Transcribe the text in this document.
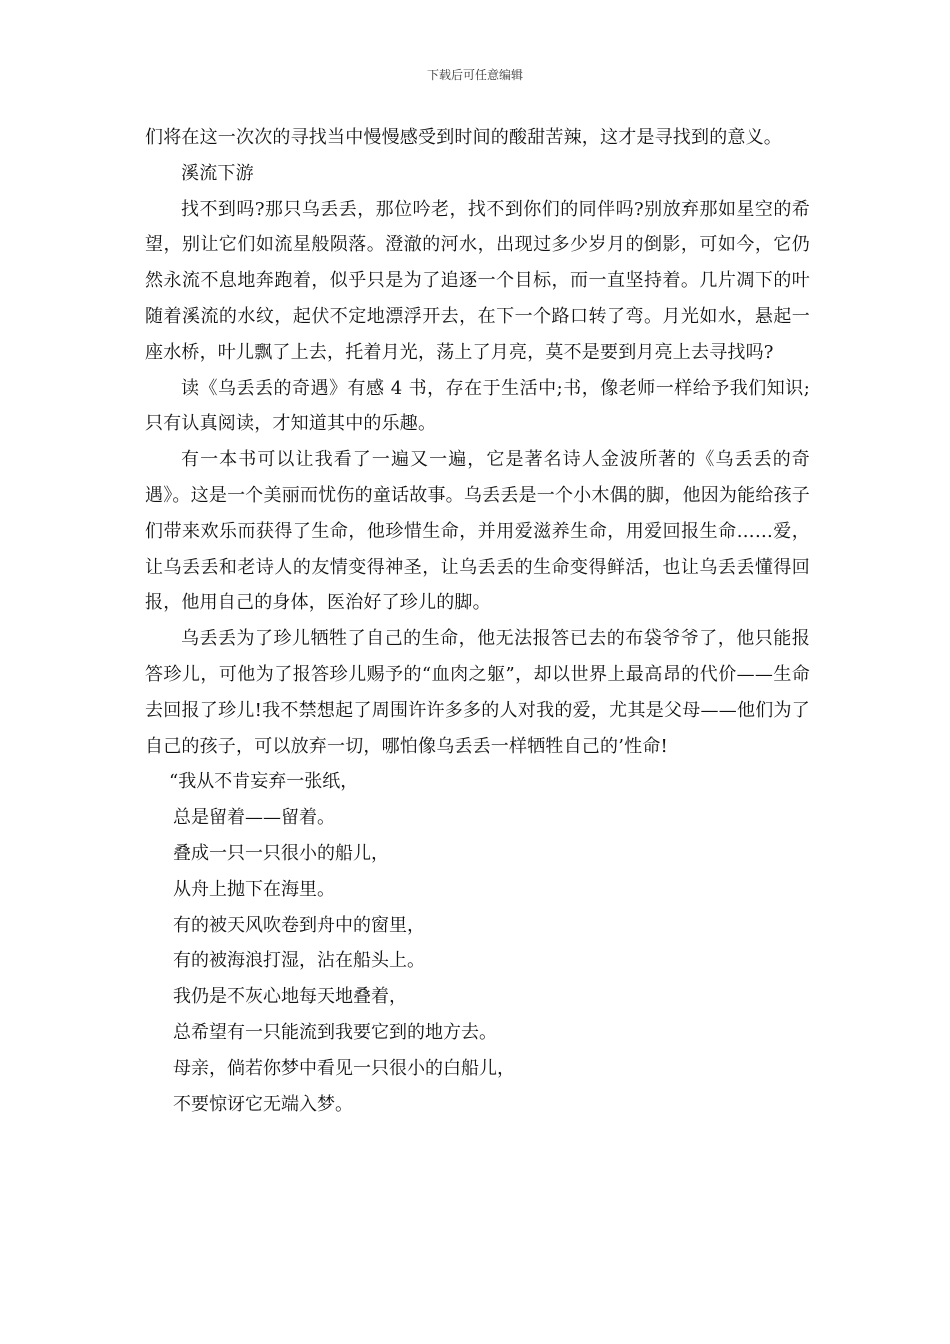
下载后可任意编辑

们将在这一次次的寻找当中慢慢感受到时间的酸甜苦辣，这才是寻找到的意义。

溪流下游

找不到吗?那只乌丢丢，那位吟老，找不到你们的同伴吗?别放弃那如星空的希望，别让它们如流星般陨落。澄澈的河水，出现过多少岁月的倒影，可如今，它仍然永流不息地奔跑着，似乎只是为了追逐一个目标，而一直坚持着。几片凋下的叶随着溪流的水纹，起伏不定地漂浮开去，在下一个路口转了弯。月光如水，悬起一座水桥，叶儿飘了上去，托着月光，荡上了月亮，莫不是要到月亮上去寻找吗?

读《乌丢丢的奇遇》有感 4 书，存在于生活中;书，像老师一样给予我们知识;只有认真阅读，才知道其中的乐趣。

有一本书可以让我看了一遍又一遍，它是著名诗人金波所著的《乌丢丢的奇遇》。这是一个美丽而忧伤的童话故事。乌丢丢是一个小木偶的脚，他因为能给孩子们带来欢乐而获得了生命，他珍惜生命，并用爱滋养生命，用爱回报生命……爱，让乌丢丢和老诗人的友情变得神圣，让乌丢丢的生命变得鲜活，也让乌丢丢懂得回报，他用自己的身体，医治好了珍儿的脚。

乌丢丢为了珍儿牺牲了自己的生命，他无法报答已去的布袋爷爷了，他只能报答珍儿，可他为了报答珍儿赐予的“血肉之躯”，却以世界上最高昂的代价——生命去回报了珍儿!我不禁想起了周围许许多多的人对我的爱，尤其是父母——他们为了自己的孩子，可以放弃一切，哪怕像乌丢丢一样牺牲自己的’性命!

“我从不肯妄弃一张纸，
总是留着——留着。
叠成一只一只很小的船儿，
从舟上抛下在海里。
有的被天风吹卷到舟中的窗里，
有的被海浪打湿，沾在船头上。
我仍是不灰心地每天地叠着，
总希望有一只能流到我要它到的地方去。
母亲，倘若你梦中看见一只很小的白船儿，
不要惊讶它无端入梦。
